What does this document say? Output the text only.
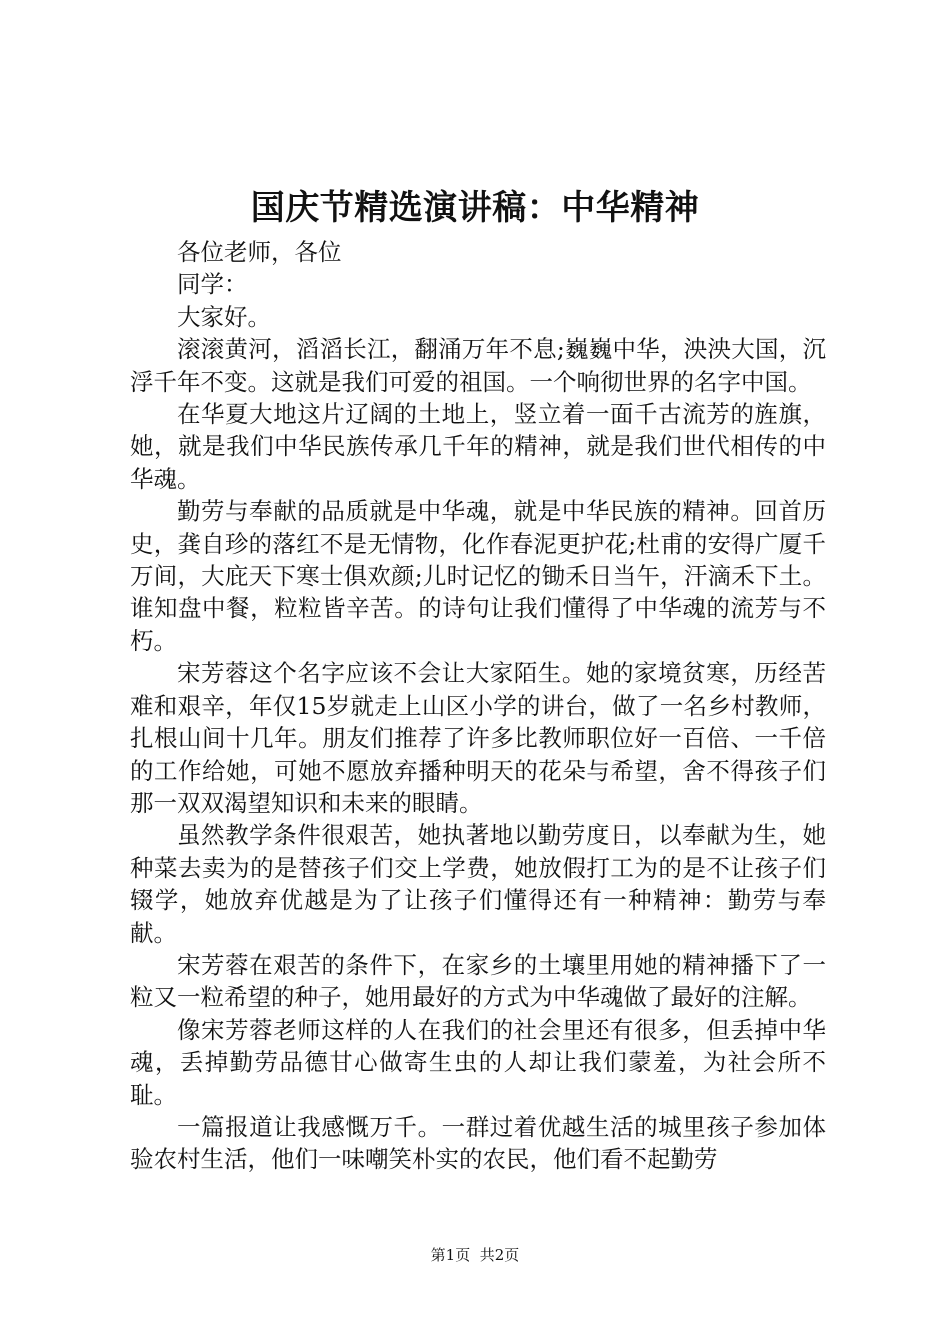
国庆节精选演讲稿：中华精神

各位老师，各位

同学：

大家好。

滚滚黄河，滔滔长江，翻涌万年不息;巍巍中华，泱泱大国，沉浮千年不变。这就是我们可爱的祖国。一个响彻世界的名字中国。

在华夏大地这片辽阔的土地上，竖立着一面千古流芳的旌旗，她，就是我们中华民族传承几千年的精神，就是我们世代相传的中华魂。

勤劳与奉献的品质就是中华魂，就是中华民族的精神。回首历史，龚自珍的落红不是无情物，化作春泥更护花;杜甫的安得广厦千万间，大庇天下寒士俱欢颜;儿时记忆的锄禾日当午，汗滴禾下土。谁知盘中餐，粒粒皆辛苦。的诗句让我们懂得了中华魂的流芳与不朽。

宋芳蓉这个名字应该不会让大家陌生。她的家境贫寒，历经苦难和艰辛，年仅15岁就走上山区小学的讲台，做了一名乡村教师，扎根山间十几年。朋友们推荐了许多比教师职位好一百倍、一千倍的工作给她，可她不愿放弃播种明天的花朵与希望，舍不得孩子们那一双双渴望知识和未来的眼睛。

虽然教学条件很艰苦，她执著地以勤劳度日，以奉献为生，她种菜去卖为的是替孩子们交上学费，她放假打工为的是不让孩子们辍学，她放弃优越是为了让孩子们懂得还有一种精神：勤劳与奉献。

宋芳蓉在艰苦的条件下，在家乡的土壤里用她的精神播下了一粒又一粒希望的种子，她用最好的方式为中华魂做了最好的注解。

像宋芳蓉老师这样的人在我们的社会里还有很多，但丢掉中华魂，丢掉勤劳品德甘心做寄生虫的人却让我们蒙羞，为社会所不耻。

一篇报道让我感慨万千。一群过着优越生活的城里孩子参加体验农村生活，他们一味嘲笑朴实的农民，他们看不起勤劳

第1页 共2页
